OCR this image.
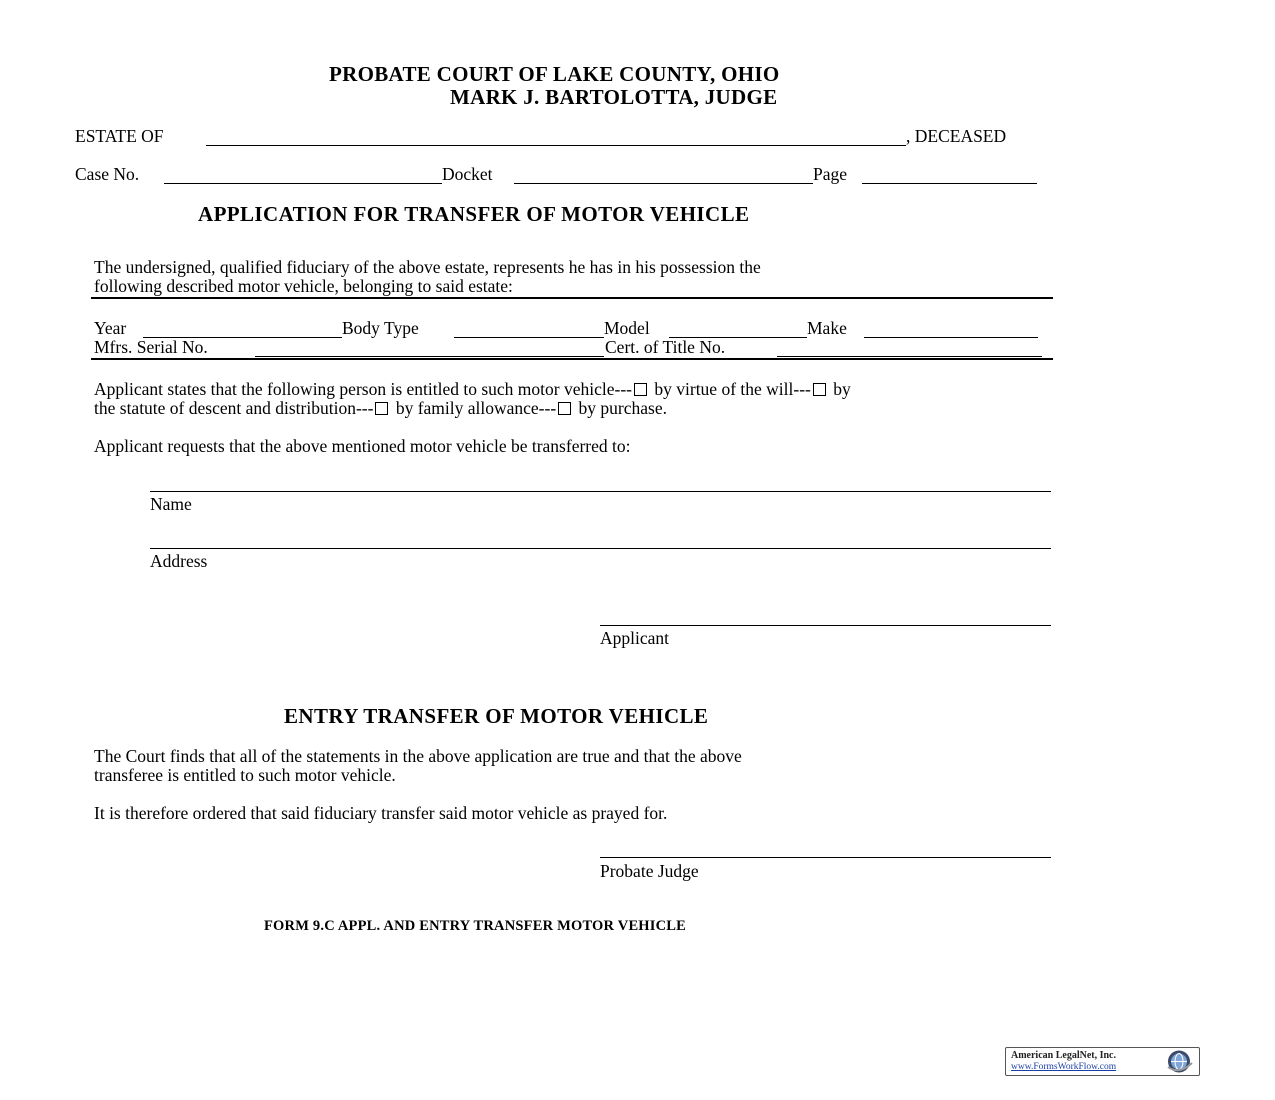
PROBATE COURT OF LAKE COUNTY, OHIO
MARK J. BARTOLOTTA, JUDGE
ESTATE OF	, DECEASED
Case No.	Docket	Page
APPLICATION FOR TRANSFER OF MOTOR VEHICLE
The undersigned, qualified fiduciary of the above estate, represents he has in his possession the
following described motor vehicle, belonging to said estate:
Year	Body Type	Model	Make
Mfrs. Serial No.	Cert. of Title No.
Applicant states that the following person is entitled to such motor vehicle--- by virtue of the will--- by
the statute of descent and distribution--- by family allowance--- by purchase.
Applicant requests that the above mentioned motor vehicle be transferred to:
Name
Address
Applicant
ENTRY TRANSFER OF MOTOR VEHICLE
The Court finds that all of the statements in the above application are true and that the above
transferee is entitled to such motor vehicle.
It is therefore ordered that said fiduciary transfer said motor vehicle as prayed for.
Probate Judge
FORM 9.C APPL. AND ENTRY TRANSFER MOTOR VEHICLE
American LegalNet, Inc.
www.FormsWorkFlow.com
